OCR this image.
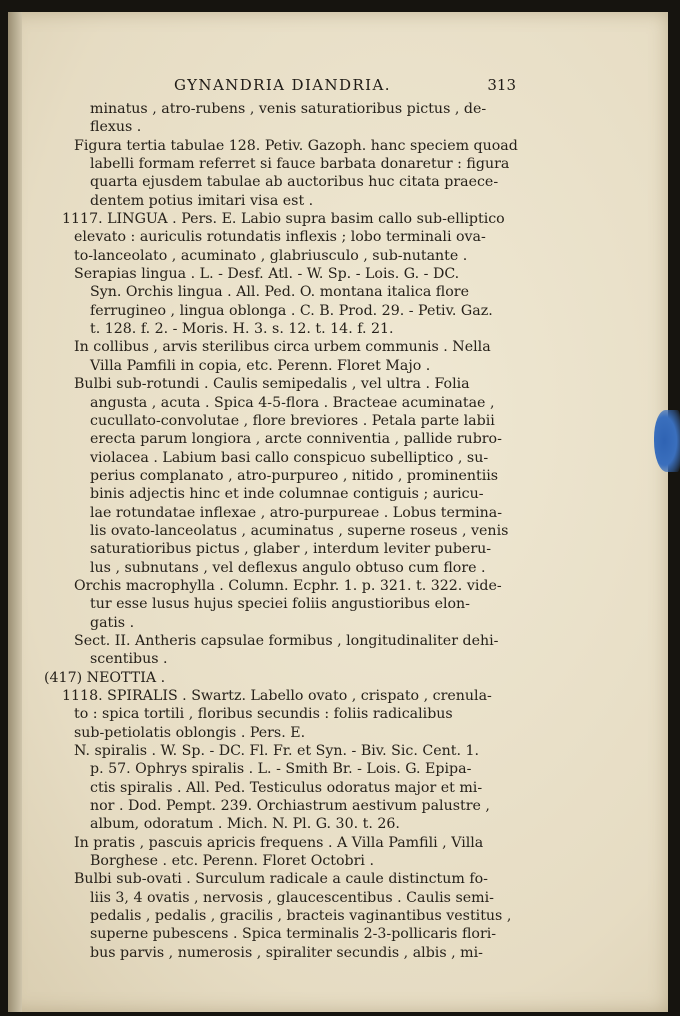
GYNANDRIA DIANDRIA.	313
minatus , atro-rubens , venis saturatioribus pictus , de-
flexus .
Figura tertia tabulae 128. Petiv. Gazoph. hanc speciem quoad
labelli formam referret si fauce barbata donaretur : figura
quarta ejusdem tabulae ab auctoribus huc citata praece-
dentem potius imitari visa est .
1117. LINGUA . Pers. E. Labio supra basim callo sub-elliptico
elevato : auriculis rotundatis inflexis ; lobo terminali ova-
to-lanceolato , acuminato , glabriusculo , sub-nutante .
Serapias lingua . L. - Desf. Atl. - W. Sp. - Lois. G. - DC.
Syn. Orchis lingua . All. Ped. O. montana italica flore
ferrugineo , lingua oblonga . C. B. Prod. 29. - Petiv. Gaz.
t. 128. f. 2. - Moris. H. 3. s. 12. t. 14. f. 21.
In collibus , arvis sterilibus circa urbem communis . Nella
Villa Pamfili in copia, etc. Perenn. Floret Majo .
Bulbi sub-rotundi . Caulis semipedalis , vel ultra . Folia
angusta , acuta . Spica 4-5-flora . Bracteae acuminatae ,
cucullato-convolutae , flore breviores . Petala parte labii
erecta parum longiora , arcte conniventia , pallide rubro-
violacea . Labium basi callo conspicuo subelliptico , su-
perius complanato , atro-purpureo , nitido , prominentiis
binis adjectis hinc et inde columnae contiguis ; auricu-
lae rotundatae inflexae , atro-purpureae . Lobus termina-
lis ovato-lanceolatus , acuminatus , superne roseus , venis
saturatioribus pictus , glaber , interdum leviter puberu-
lus , subnutans , vel deflexus angulo obtuso cum flore .
Orchis macrophylla . Column. Ecphr. 1. p. 321. t. 322. vide-
tur esse lusus hujus speciei foliis angustioribus elon-
gatis .
Sect. II. Antheris capsulae formibus , longitudinaliter dehi-
scentibus .
(417) NEOTTIA .
1118. SPIRALIS . Swartz. Labello ovato , crispato , crenula-
to : spica tortili , floribus secundis : foliis radicalibus
sub-petiolatis oblongis . Pers. E.
N. spiralis . W. Sp. - DC. Fl. Fr. et Syn. - Biv. Sic. Cent. 1.
p. 57. Ophrys spiralis . L. - Smith Br. - Lois. G. Epipa-
ctis spiralis . All. Ped. Testiculus odoratus major et mi-
nor . Dod. Pempt. 239. Orchiastrum aestivum palustre ,
album, odoratum . Mich. N. Pl. G. 30. t. 26.
In pratis , pascuis apricis frequens . A Villa Pamfili , Villa
Borghese . etc. Perenn. Floret Octobri .
Bulbi sub-ovati . Surculum radicale a caule distinctum fo-
liis 3, 4 ovatis , nervosis , glaucescentibus . Caulis semi-
pedalis , pedalis , gracilis , bracteis vaginantibus vestitus ,
superne pubescens . Spica terminalis 2-3-pollicaris flori-
bus parvis , numerosis , spiraliter secundis , albis , mi-
